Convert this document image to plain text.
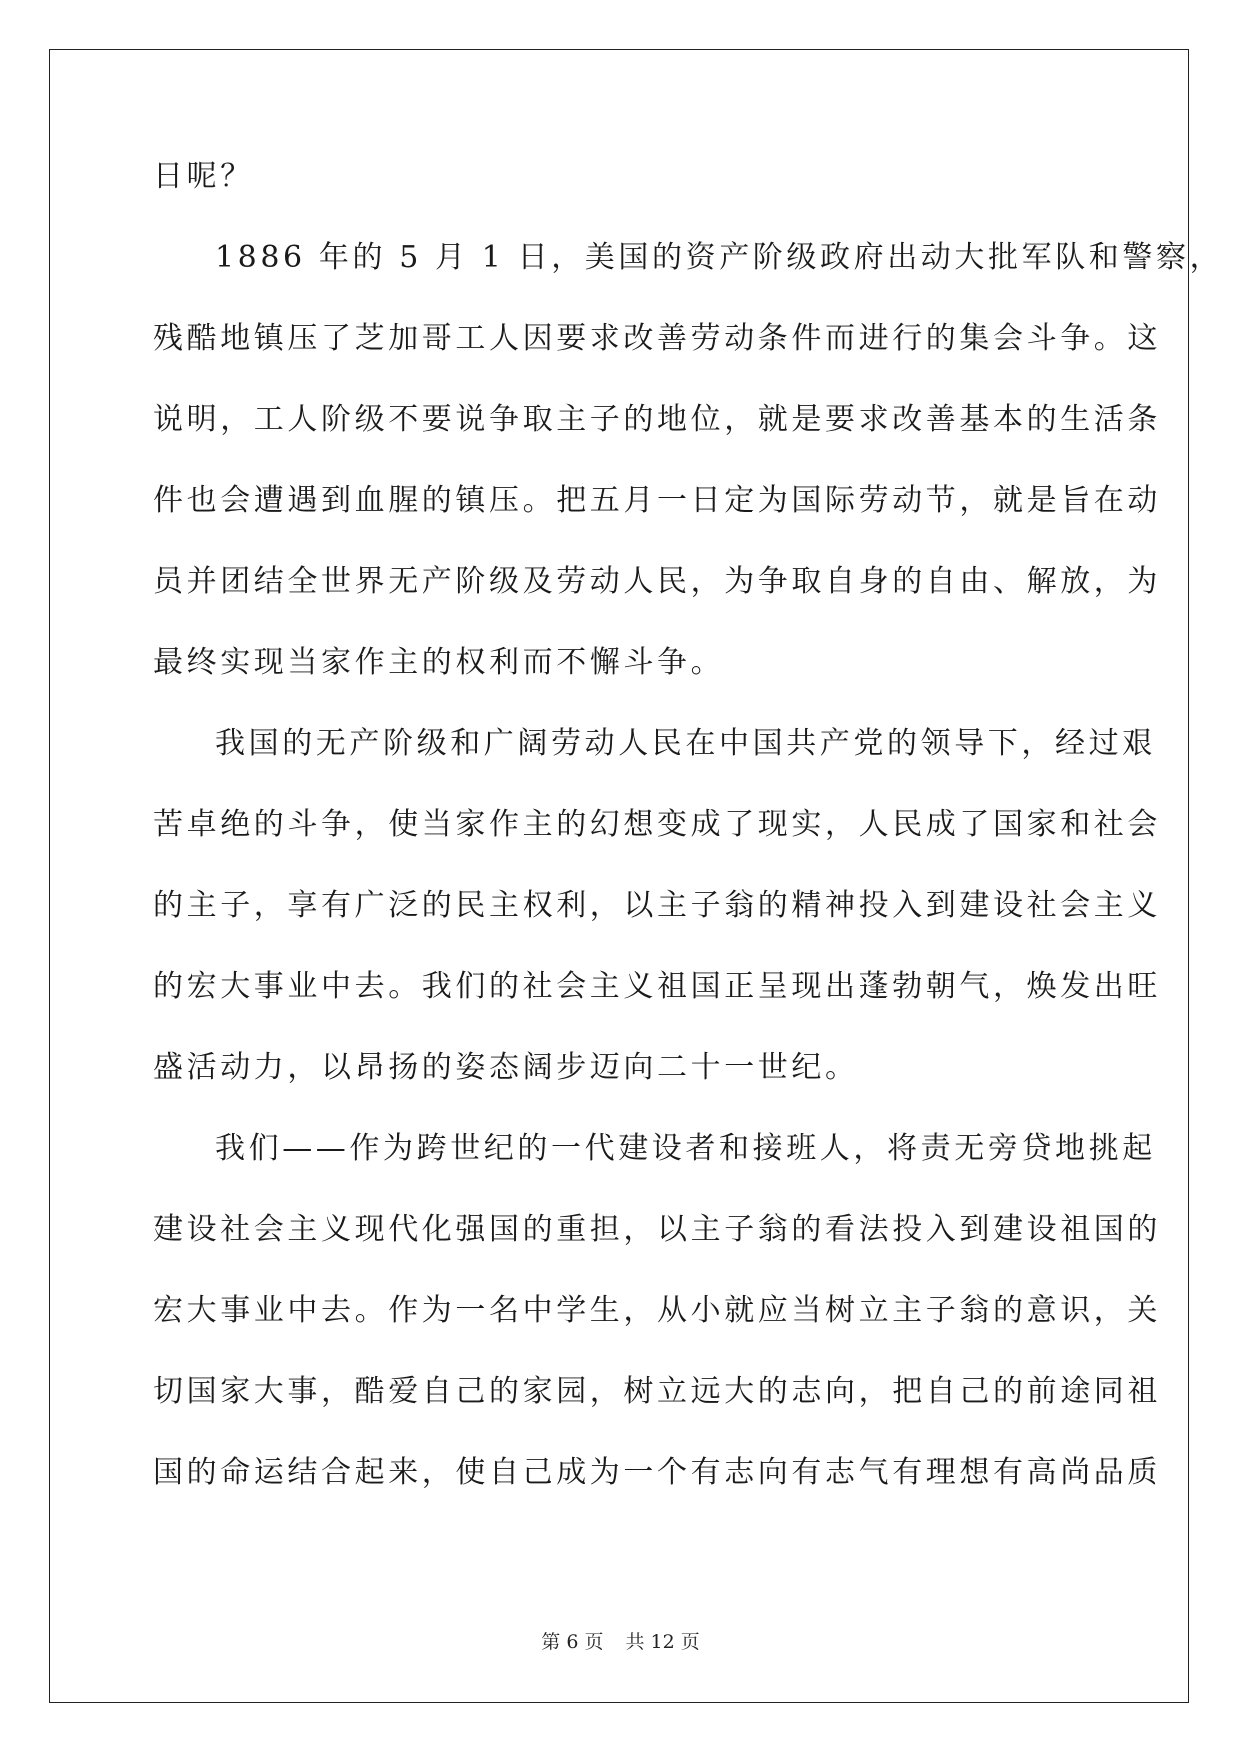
日呢？
1886 年的 5 月 1 日，美国的资产阶级政府出动大批军队和警察，
残酷地镇压了芝加哥工人因要求改善劳动条件而进行的集会斗争。这
说明，工人阶级不要说争取主子的地位，就是要求改善基本的生活条
件也会遭遇到血腥的镇压。把五月一日定为国际劳动节，就是旨在动
员并团结全世界无产阶级及劳动人民，为争取自身的自由、解放，为
最终实现当家作主的权利而不懈斗争。
我国的无产阶级和广阔劳动人民在中国共产党的领导下，经过艰
苦卓绝的斗争，使当家作主的幻想变成了现实，人民成了国家和社会
的主子，享有广泛的民主权利，以主子翁的精神投入到建设社会主义
的宏大事业中去。我们的社会主义祖国正呈现出蓬勃朝气，焕发出旺
盛活动力，以昂扬的姿态阔步迈向二十一世纪。
我们——作为跨世纪的一代建设者和接班人，将责无旁贷地挑起
建设社会主义现代化强国的重担，以主子翁的看法投入到建设祖国的
宏大事业中去。作为一名中学生，从小就应当树立主子翁的意识，关
切国家大事，酷爱自己的家园，树立远大的志向，把自己的前途同祖
国的命运结合起来，使自己成为一个有志向有志气有理想有高尚品质
第 6 页 共 12 页
